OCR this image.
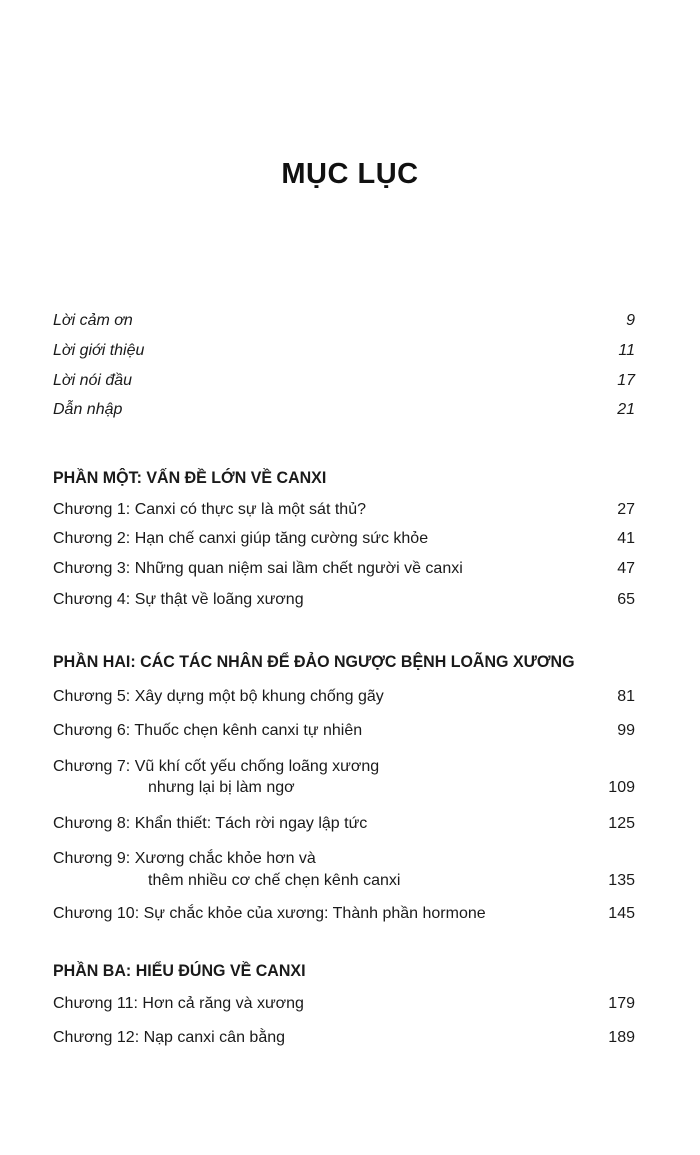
MỤC LỤC
Lời cảm ơn	9
Lời giới thiệu	11
Lời nói đầu	17
Dẫn nhập	21
PHẦN MỘT: VẤN ĐỀ LỚN VỀ CANXI
Chương 1: Canxi có thực sự là một sát thủ?	27
Chương 2: Hạn chế canxi giúp tăng cường sức khỏe	41
Chương 3: Những quan niệm sai lầm chết người về canxi	47
Chương 4: Sự thật về loãng xương	65
PHẦN HAI: CÁC TÁC NHÂN ĐỂ ĐẢO NGƯỢC BỆNH LOÃNG XƯƠNG
Chương 5: Xây dựng một bộ khung chống gãy	81
Chương 6: Thuốc chẹn kênh canxi tự nhiên	99
Chương 7: Vũ khí cốt yếu chống loãng xương
nhưng lại bị làm ngơ	109
Chương 8: Khẩn thiết: Tách rời ngay lập tức	125
Chương 9: Xương chắc khỏe hơn và
thêm nhiều cơ chế chẹn kênh canxi	135
Chương 10: Sự chắc khỏe của xương: Thành phần hormone	145
PHẦN BA: HIỂU ĐÚNG VỀ CANXI
Chương 11: Hơn cả răng và xương	179
Chương 12: Nạp canxi cân bằng	189
